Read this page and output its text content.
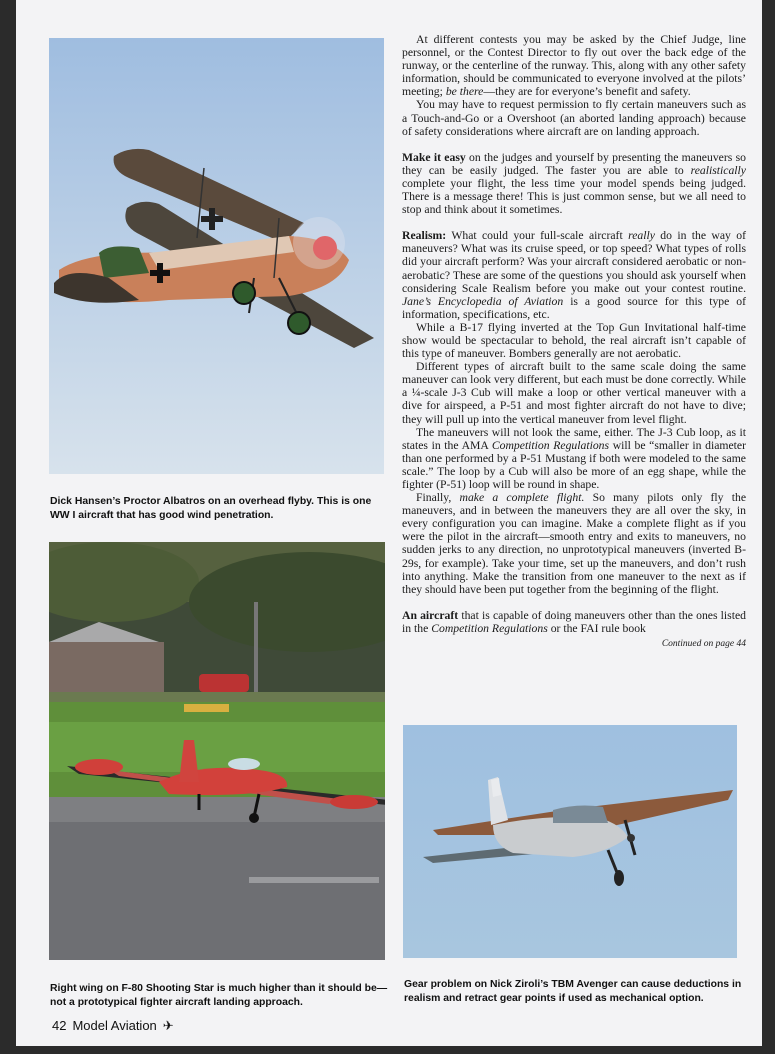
Dick Hansen’s Proctor Albatros on an overhead flyby. This is one WW I aircraft that has good wind penetration.

Right wing on F-80 Shooting Star is much higher than it should be—not a prototypical fighter aircraft landing approach.

Gear problem on Nick Ziroli’s TBM Avenger can cause deductions in realism and retract gear points if used as mechanical option.

At different contests you may be asked by the Chief Judge, line personnel, or the Contest Director to fly out over the back edge of the runway, or the centerline of the runway. This, along with any other safety information, should be communicated to everyone involved at the pilots’ meeting; be there—they are for everyone’s benefit and safety.

You may have to request permission to fly certain maneuvers such as a Touch-and-Go or a Overshoot (an aborted landing approach) because of safety considerations where aircraft are on landing approach.

Make it easy on the judges and yourself by presenting the maneuvers so they can be easily judged. The faster you are able to realistically complete your flight, the less time your model spends being judged. There is a message there! This is just common sense, but we all need to stop and think about it sometimes.

Realism: What could your full-scale aircraft really do in the way of maneuvers? What was its cruise speed, or top speed? What types of rolls did your aircraft perform? Was your aircraft considered aerobatic or non-aerobatic? These are some of the questions you should ask yourself when considering Scale Realism before you make out your contest routine. Jane’s Encyclopedia of Aviation is a good source for this type of information, specifications, etc.

While a B-17 flying inverted at the Top Gun Invitational half-time show would be spectacular to behold, the real aircraft isn’t capable of this type of maneuver. Bombers generally are not aerobatic.

Different types of aircraft built to the same scale doing the same maneuver can look very different, but each must be done correctly. While a ¼-scale J-3 Cub will make a loop or other vertical maneuver with a dive for airspeed, a P-51 and most fighter aircraft do not have to dive; they will pull up into the vertical maneuver from level flight.

The maneuvers will not look the same, either. The J-3 Cub loop, as it states in the AMA Competition Regulations will be “smaller in diameter than one performed by a P-51 Mustang if both were modeled to the same scale.” The loop by a Cub will also be more of an egg shape, while the fighter (P-51) loop will be round in shape.

Finally, make a complete flight. So many pilots only fly the maneuvers, and in between the maneuvers they are all over the sky, in every configuration you can imagine. Make a complete flight as if you were the pilot in the aircraft—smooth entry and exits to maneuvers, no sudden jerks to any direction, no unprototypical maneuvers (inverted B-29s, for example). Take your time, set up the maneuvers, and don’t rush into anything. Make the transition from one maneuver to the next as if they should have been put together from the beginning of the flight.

An aircraft that is capable of doing maneuvers other than the ones listed in the Competition Regulations or the FAI rule book

Continued on page 44

42 Model Aviation ✈
